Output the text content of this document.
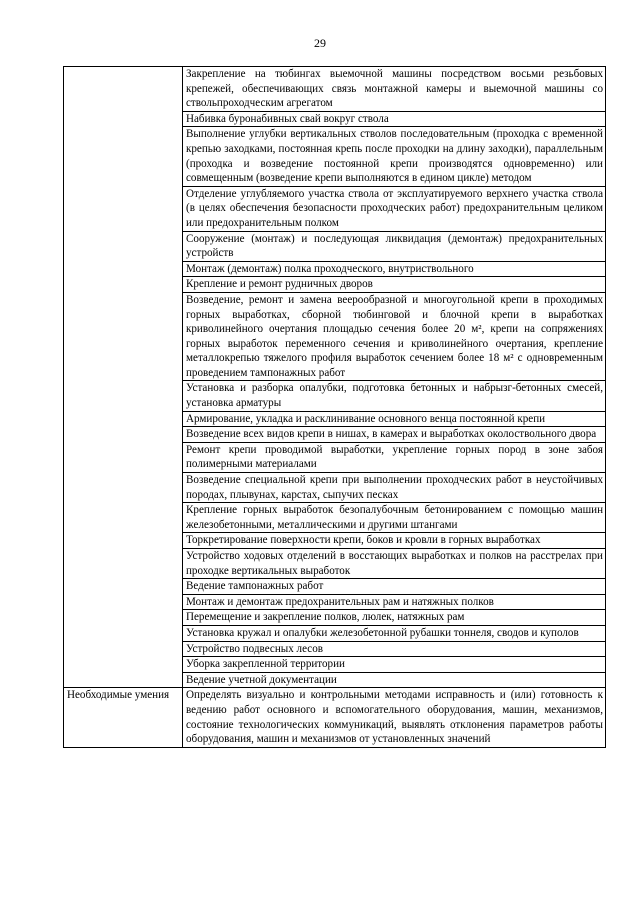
29
	Закрепление на тюбингах выемочной машины посредством восьми резьбовых крепежей, обеспечивающих связь монтажной камеры и выемочной машины со ствольпроходческим агрегатом
	Набивка буронабивных свай вокруг ствола
	Выполнение углубки вертикальных стволов последовательным (проходка с временной крепью заходками, постоянная крепь после проходки на длину заходки), параллельным (проходка и возведение постоянной крепи производятся одновременно) или совмещенным (возведение крепи выполняются в едином цикле) методом
	Отделение углубляемого участка ствола от эксплуатируемого верхнего участка ствола (в целях обеспечения безопасности проходческих работ) предохранительным целиком или предохранительным полком
	Сооружение (монтаж) и последующая ликвидация (демонтаж) предохранительных устройств
	Монтаж (демонтаж) полка проходческого, внутриствольного
	Крепление и ремонт рудничных дворов
	Возведение, ремонт и замена веерообразной и многоугольной крепи в проходимых горных выработках, сборной тюбинговой и блочной крепи в выработках криволинейного очертания площадью сечения более 20 м², крепи на сопряжениях горных выработок переменного сечения и криволинейного очертания, крепление металлокрепью тяжелого профиля выработок сечением более 18 м² с одновременным проведением тампонажных работ
	Установка и разборка опалубки, подготовка бетонных и набрызг-бетонных смесей, установка арматуры
	Армирование, укладка и расклинивание основного венца постоянной крепи
	Возведение всех видов крепи в нишах, в камерах и выработках околоствольного двора
	Ремонт крепи проводимой выработки, укрепление горных пород в зоне забоя полимерными материалами
	Возведение специальной крепи при выполнении проходческих работ в неустойчивых породах, плывунах, карстах, сыпучих песках
	Крепление горных выработок безопалубочным бетонированием с помощью машин железобетонными, металлическими и другими штангами
	Торкретирование поверхности крепи, боков и кровли в горных выработках
	Устройство ходовых отделений в восстающих выработках и полков на расстрелах при проходке вертикальных выработок
	Ведение тампонажных работ
	Монтаж и демонтаж предохранительных рам и натяжных полков
	Перемещение и закрепление полков, люлек, натяжных рам
	Установка кружал и опалубки железобетонной рубашки тоннеля, сводов и куполов
	Устройство подвесных лесов
	Уборка закрепленной территории
	Ведение учетной документации
Необходимые умения	Определять визуально и контрольными методами исправность и (или) готовность к ведению работ основного и вспомогательного оборудования, машин, механизмов, состояние технологических коммуникаций, выявлять отклонения параметров работы оборудования, машин и механизмов от установленных значений
